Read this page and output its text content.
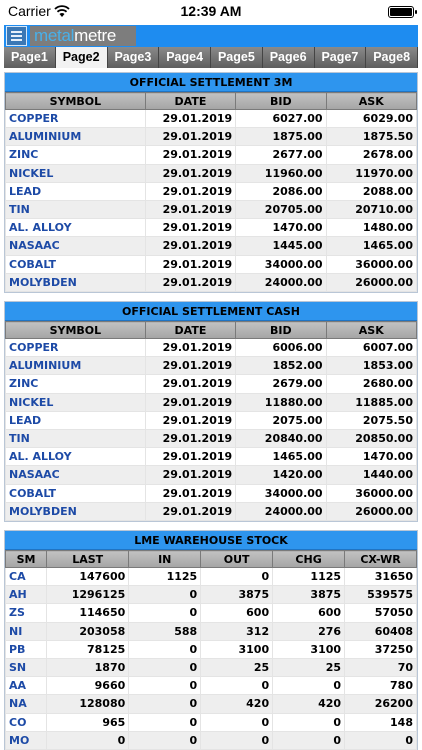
Carrier	12:39 AM
metalmetre
Page1	Page2	Page3	Page4	Page5	Page6	Page7	Page8
OFFICIAL SETTLEMENT 3M
SYMBOL	DATE	BID	ASK
COPPER	29.01.2019	6027.00	6029.00
ALUMINIUM	29.01.2019	1875.00	1875.50
ZINC	29.01.2019	2677.00	2678.00
NICKEL	29.01.2019	11960.00	11970.00
LEAD	29.01.2019	2086.00	2088.00
TIN	29.01.2019	20705.00	20710.00
AL. ALLOY	29.01.2019	1470.00	1480.00
NASAAC	29.01.2019	1445.00	1465.00
COBALT	29.01.2019	34000.00	36000.00
MOLYBDEN	29.01.2019	24000.00	26000.00
OFFICIAL SETTLEMENT CASH
SYMBOL	DATE	BID	ASK
COPPER	29.01.2019	6006.00	6007.00
ALUMINIUM	29.01.2019	1852.00	1853.00
ZINC	29.01.2019	2679.00	2680.00
NICKEL	29.01.2019	11880.00	11885.00
LEAD	29.01.2019	2075.00	2075.50
TIN	29.01.2019	20840.00	20850.00
AL. ALLOY	29.01.2019	1465.00	1470.00
NASAAC	29.01.2019	1420.00	1440.00
COBALT	29.01.2019	34000.00	36000.00
MOLYBDEN	29.01.2019	24000.00	26000.00
LME WAREHOUSE STOCK
SM	LAST	IN	OUT	CHG	CX-WR
CA	147600	1125	0	1125	31650
AH	1296125	0	3875	3875	539575
ZS	114650	0	600	600	57050
NI	203058	588	312	276	60408
PB	78125	0	3100	3100	37250
SN	1870	0	25	25	70
AA	9660	0	0	0	780
NA	128080	0	420	420	26200
CO	965	0	0	0	148
MO	0	0	0	0	0
